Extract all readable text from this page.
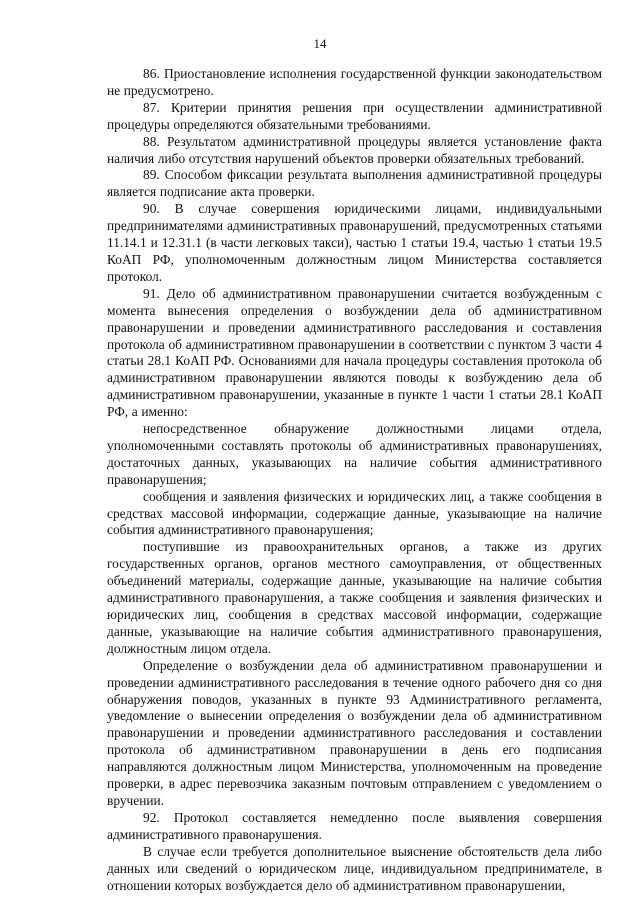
14

86. Приостановление исполнения государственной функции законодательством не предусмотрено.

87. Критерии принятия решения при осуществлении административной процедуры определяются обязательными требованиями.

88. Результатом административной процедуры является установление факта наличия либо отсутствия нарушений объектов проверки обязательных требований.

89. Способом фиксации результата выполнения административной процедуры является подписание акта проверки.

90. В случае совершения юридическими лицами, индивидуальными предпринимателями административных правонарушений, предусмотренных статьями 11.14.1 и 12.31.1 (в части легковых такси), частью 1 статьи 19.4, частью 1 статьи 19.5 КоАП РФ, уполномоченным должностным лицом Министерства составляется протокол.

91. Дело об административном правонарушении считается возбужденным с момента вынесения определения о возбуждении дела об административном правонарушении и проведении административного расследования и составления протокола об административном правонарушении в соответствии с пунктом 3 части 4 статьи 28.1 КоАП РФ. Основаниями для начала процедуры составления протокола об административном правонарушении являются поводы к возбуждению дела об административном правонарушении, указанные в пункте 1 части 1 статьи 28.1 КоАП РФ, а именно:

непосредственное обнаружение должностными лицами отдела, уполномоченными составлять протоколы об административных правонарушениях, достаточных данных, указывающих на наличие события административного правонарушения;

сообщения и заявления физических и юридических лиц, а также сообщения в средствах массовой информации, содержащие данные, указывающие на наличие события административного правонарушения;

поступившие из правоохранительных органов, а также из других государственных органов, органов местного самоуправления, от общественных объединений материалы, содержащие данные, указывающие на наличие события административного правонарушения, а также сообщения и заявления физических и юридических лиц, сообщения в средствах массовой информации, содержащие данные, указывающие на наличие события административного правонарушения, должностным лицом отдела.

Определение о возбуждении дела об административном правонарушении и проведении административного расследования в течение одного рабочего дня со дня обнаружения поводов, указанных в пункте 93 Административного регламента, уведомление о вынесении определения о возбуждении дела об административном правонарушении и проведении административного расследования и составлении протокола об административном правонарушении в день его подписания направляются должностным лицом Министерства, уполномоченным на проведение проверки, в адрес перевозчика заказным почтовым отправлением с уведомлением о вручении.

92. Протокол составляется немедленно после выявления совершения административного правонарушения.

В случае если требуется дополнительное выяснение обстоятельств дела либо данных или сведений о юридическом лице, индивидуальном предпринимателе, в отношении которых возбуждается дело об административном правонарушении,
